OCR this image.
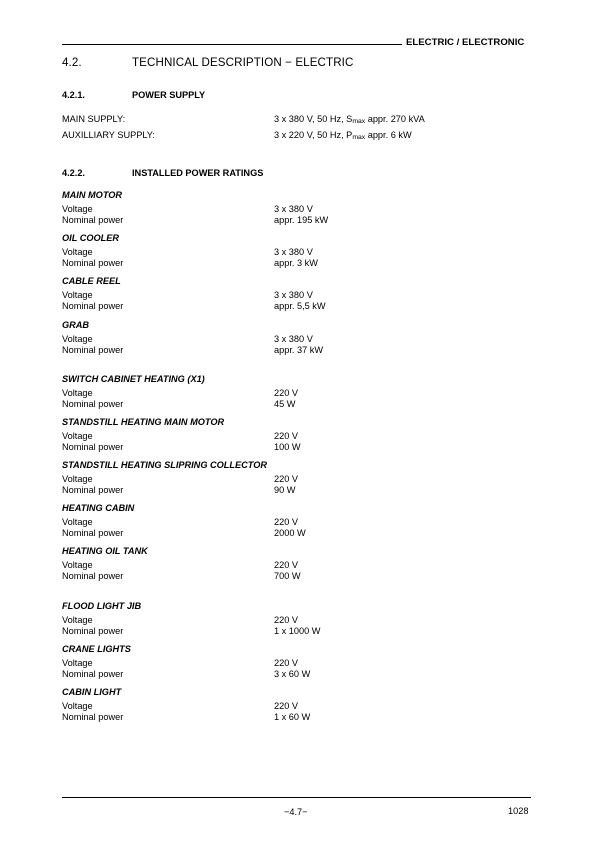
ELECTRIC / ELECTRONIC
4.2.	TECHNICAL DESCRIPTION − ELECTRIC
4.2.1.	POWER SUPPLY
MAIN SUPPLY:	3 x 380 V, 50 Hz, $S_{max}$ appr. 270 kVA
AUXILLIARY SUPPLY:	3 x 220 V, 50 Hz, $P_{max}$ appr. 6 kW
4.2.2.	INSTALLED POWER RATINGS
MAIN MOTOR
Voltage	3 x 380 V
Nominal power	appr. 195 kW
OIL COOLER
Voltage	3 x 380 V
Nominal power	appr. 3 kW
CABLE REEL
Voltage	3 x 380 V
Nominal power	appr. 5,5 kW
GRAB
Voltage	3 x 380 V
Nominal power	appr. 37 kW
SWITCH CABINET HEATING (X1)
Voltage	220 V
Nominal power	45 W
STANDSTILL HEATING MAIN MOTOR
Voltage	220 V
Nominal power	100 W
STANDSTILL HEATING SLIPRING COLLECTOR
Voltage	220 V
Nominal power	90 W
HEATING CABIN
Voltage	220 V
Nominal power	2000 W
HEATING OIL TANK
Voltage	220 V
Nominal power	700 W
FLOOD LIGHT JIB
Voltage	220 V
Nominal power	1 x 1000 W
CRANE LIGHTS
Voltage	220 V
Nominal power	3 x 60 W
CABIN LIGHT
Voltage	220 V
Nominal power	1 x 60 W
−4.7−	1028
